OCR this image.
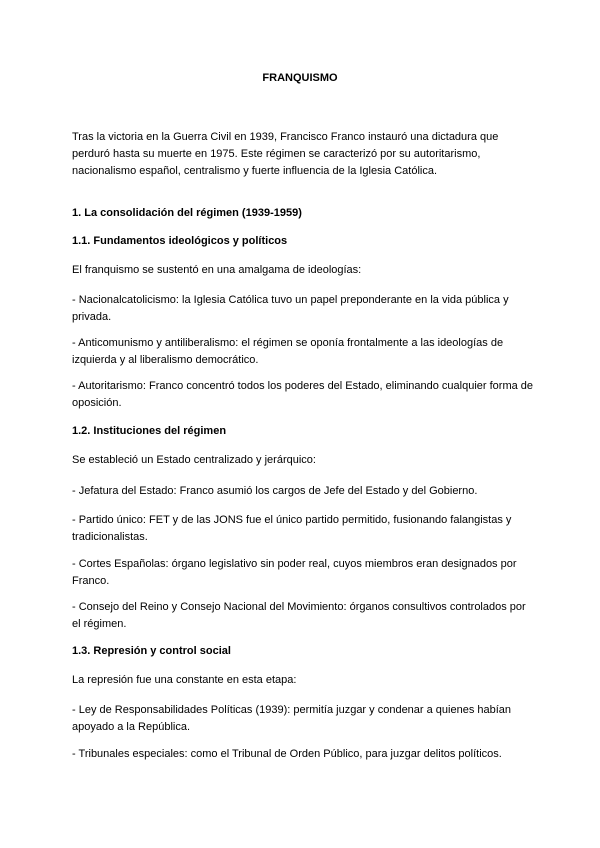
FRANQUISMO

Tras la victoria en la Guerra Civil en 1939, Francisco Franco instauró una dictadura que perduró hasta su muerte en 1975. Este régimen se caracterizó por su autoritarismo, nacionalismo español, centralismo y fuerte influencia de la Iglesia Católica.

1. La consolidación del régimen (1939-1959)

1.1. Fundamentos ideológicos y políticos

El franquismo se sustentó en una amalgama de ideologías:

- Nacionalcatolicismo: la Iglesia Católica tuvo un papel preponderante en la vida pública y privada.

- Anticomunismo y antiliberalismo: el régimen se oponía frontalmente a las ideologías de izquierda y al liberalismo democrático.

- Autoritarismo: Franco concentró todos los poderes del Estado, eliminando cualquier forma de oposición.

1.2. Instituciones del régimen

Se estableció un Estado centralizado y jerárquico:

- Jefatura del Estado: Franco asumió los cargos de Jefe del Estado y del Gobierno.

- Partido único: FET y de las JONS fue el único partido permitido, fusionando falangistas y tradicionalistas.

- Cortes Españolas: órgano legislativo sin poder real, cuyos miembros eran designados por Franco.

- Consejo del Reino y Consejo Nacional del Movimiento: órganos consultivos controlados por el régimen.

1.3. Represión y control social

La represión fue una constante en esta etapa:

- Ley de Responsabilidades Políticas (1939): permitía juzgar y condenar a quienes habían apoyado a la República.

- Tribunales especiales: como el Tribunal de Orden Público, para juzgar delitos políticos.
